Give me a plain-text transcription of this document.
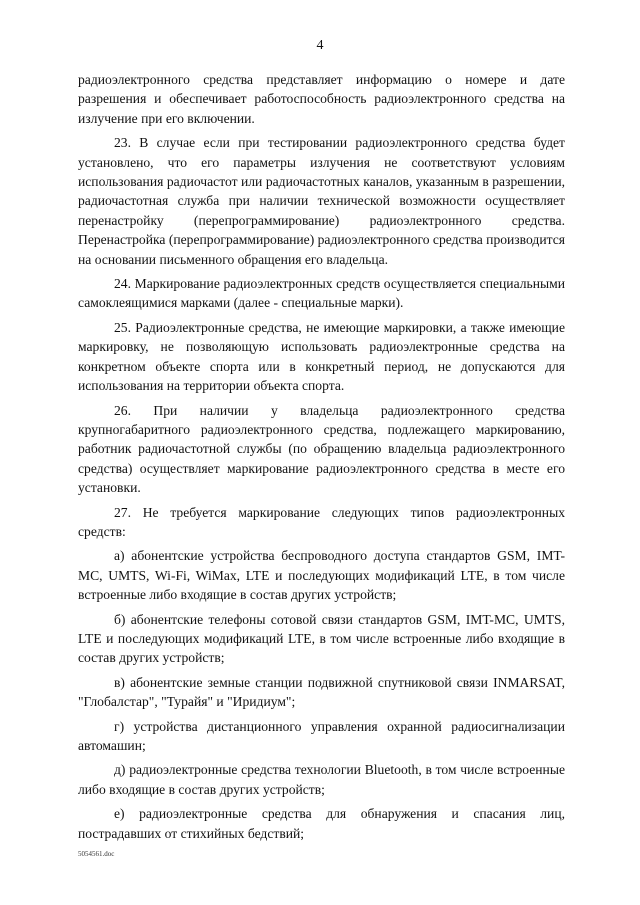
4

радиоэлектронного средства представляет информацию о номере и дате разрешения и обеспечивает работоспособность радиоэлектронного средства на излучение при его включении.

23. В случае если при тестировании радиоэлектронного средства будет установлено, что его параметры излучения не соответствуют условиям использования радиочастот или радиочастотных каналов, указанным в разрешении, радиочастотная служба при наличии технической возможности осуществляет перенастройку (перепрограммирование) радиоэлектронного средства. Перенастройка (перепрограммирование) радиоэлектронного средства производится на основании письменного обращения его владельца.

24. Маркирование радиоэлектронных средств осуществляется специальными самоклеящимися марками (далее - специальные марки).

25. Радиоэлектронные средства, не имеющие маркировки, а также имеющие маркировку, не позволяющую использовать радиоэлектронные средства на конкретном объекте спорта или в конкретный период, не допускаются для использования на территории объекта спорта.

26. При наличии у владельца радиоэлектронного средства крупногабаритного радиоэлектронного средства, подлежащего маркированию, работник радиочастотной службы (по обращению владельца радиоэлектронного средства) осуществляет маркирование радиоэлектронного средства в месте его установки.

27. Не требуется маркирование следующих типов радиоэлектронных средств:

а) абонентские устройства беспроводного доступа стандартов GSM, IMT-MC, UMTS, Wi-Fi, WiMax, LTE и последующих модификаций LTE, в том числе встроенные либо входящие в состав других устройств;

б) абонентские телефоны сотовой связи стандартов GSM, IMT-MC, UMTS, LTE и последующих модификаций LTE, в том числе встроенные либо входящие в состав других устройств;

в) абонентские земные станции подвижной спутниковой связи INMARSAT, "Глобалстар", "Турайя" и "Иридиум";

г) устройства дистанционного управления охранной радиосигнализации автомашин;

д) радиоэлектронные средства технологии Bluetooth, в том числе встроенные либо входящие в состав других устройств;

е) радиоэлектронные средства для обнаружения и спасания лиц, пострадавших от стихийных бедствий;

5054561.doc
